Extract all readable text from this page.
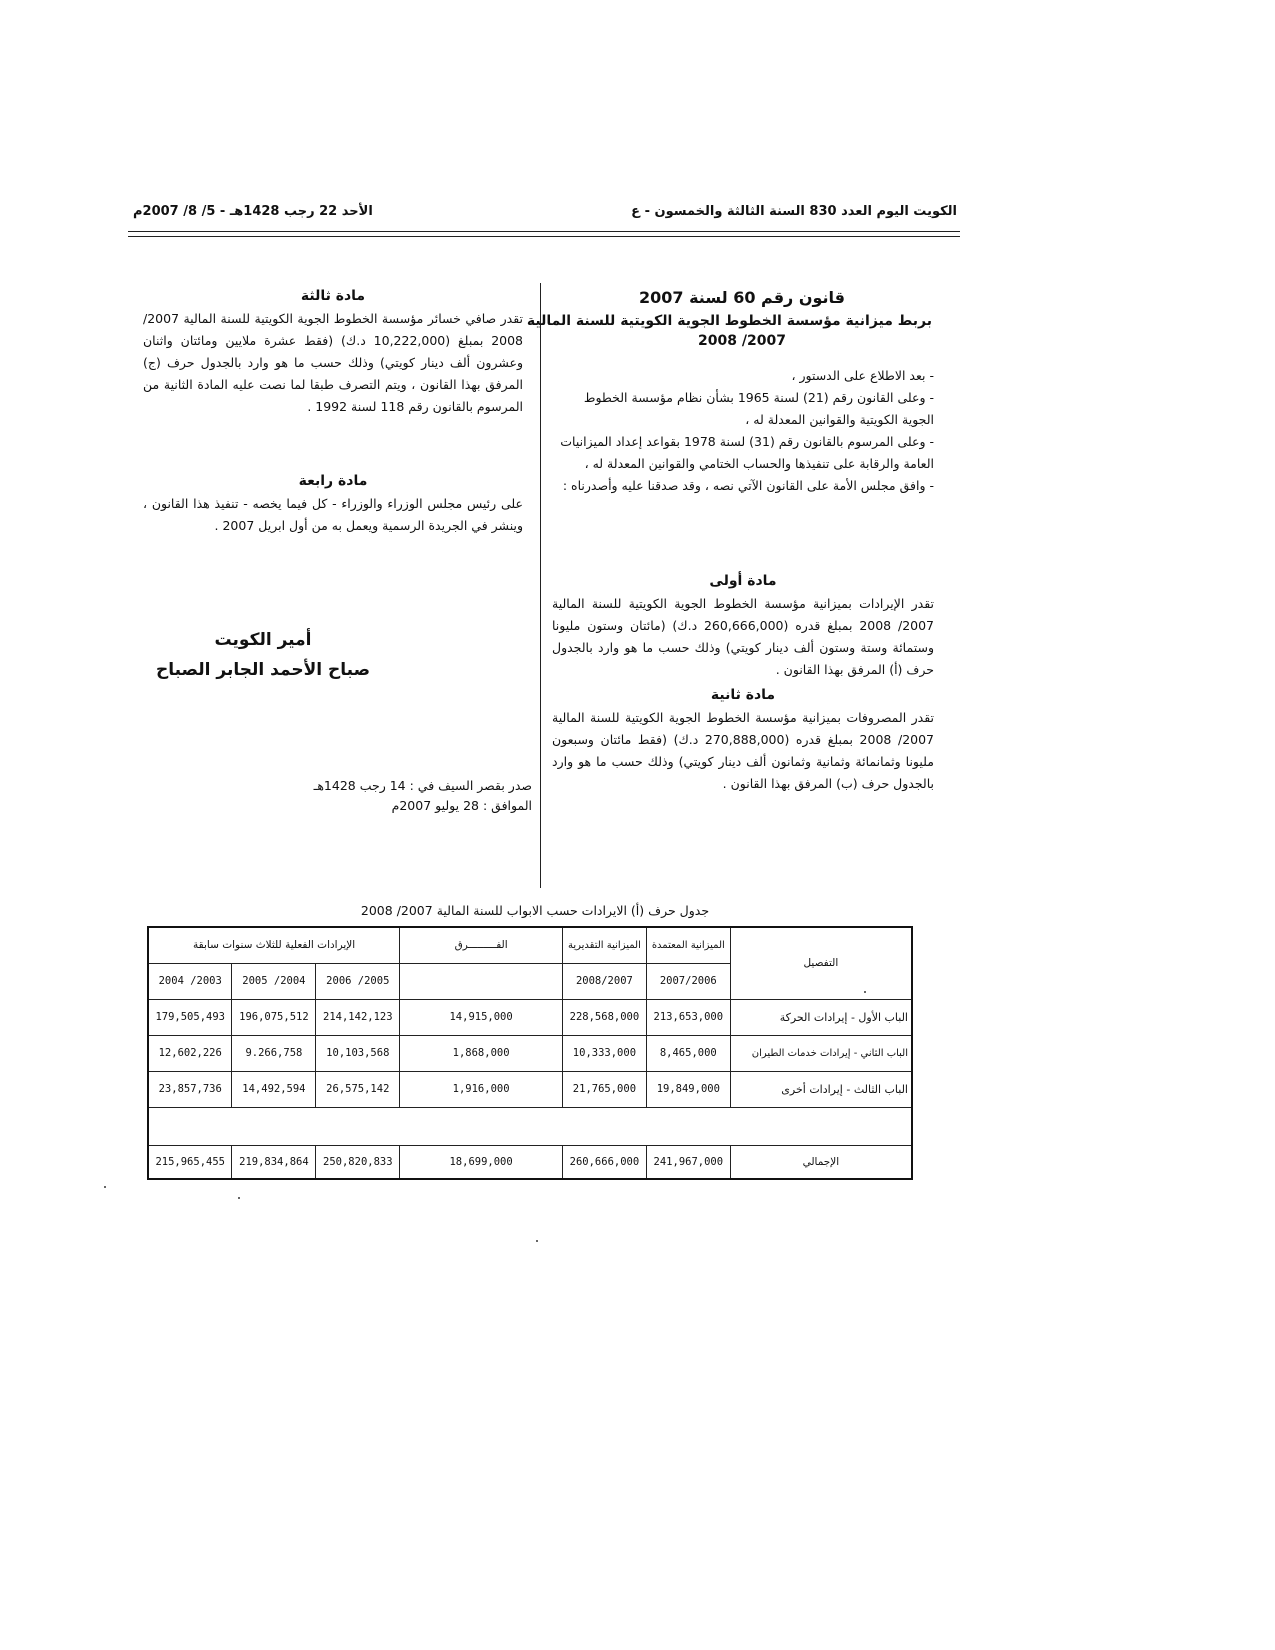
الكويت اليوم العدد 830 السنة الثالثة والخمسون - ع
الأحد 22 رجب 1428هـ - 5/ 8/ 2007م
قانون رقم 60 لسنة 2007
بربط ميزانية مؤسسة الخطوط الجوية الكويتية للسنة المالية
2008 /2007
- بعد الاطلاع على الدستور ،
- وعلى القانون رقم (21) لسنة 1965 بشأن نظام مؤسسة الخطوط الجوية الكويتية والقوانين المعدلة له ،
- وعلى المرسوم بالقانون رقم (31) لسنة 1978 بقواعد إعداد الميزانيات العامة والرقابة على تنفيذها والحساب الختامي والقوانين المعدلة له ،
- وافق مجلس الأمة على القانون الآتي نصه ، وقد صدقنا عليه وأصدرناه :
مادة أولى
تقدر الإيرادات بميزانية مؤسسة الخطوط الجوية الكويتية للسنة المالية 2007/ 2008 بمبلغ قدره (260,666,000 د.ك) (مائتان وستون مليونا وستمائة وستة وستون ألف دينار كويتي) وذلك حسب ما هو وارد بالجدول حرف (أ) المرفق بهذا القانون .
مادة ثانية
تقدر المصروفات بميزانية مؤسسة الخطوط الجوية الكويتية للسنة المالية 2007/ 2008 بمبلغ قدره (270,888,000 د.ك) (فقط مائتان وسبعون مليونا وثمانمائة وثمانية وثمانون ألف دينار كويتي) وذلك حسب ما هو وارد بالجدول حرف (ب) المرفق بهذا القانون .
مادة ثالثة
تقدر صافي خسائر مؤسسة الخطوط الجوية الكويتية للسنة المالية 2007/ 2008 بمبلغ (10,222,000 د.ك) (فقط عشرة ملايين ومائتان واثنان وعشرون ألف دينار كويتي) وذلك حسب ما هو وارد بالجدول حرف (ج) المرفق بهذا القانون ، ويتم التصرف طبقا لما نصت عليه المادة الثانية من المرسوم بالقانون رقم 118 لسنة 1992 .
مادة رابعة
على رئيس مجلس الوزراء والوزراء - كل فيما يخصه - تنفيذ هذا القانون ، وينشر في الجريدة الرسمية ويعمل به من أول ابريل 2007 .
أمير الكويت
صباح الأحمد الجابر الصباح
صدر بقصر السيف في : 14 رجب 1428هـ
الموافق : 28 يوليو 2007م
جدول حرف (أ) الايرادات حسب الابواب للسنة المالية 2007/ 2008
التفصيل	الميزانية المعتمدة	الميزانية التقديرية	الفـــــــــرق	الإيرادات الفعلية للثلاث سنوات سابقة		
	2007/2006	2008/2007		2006 /2005	2005 /2004	2004 /2003
الباب الأول - إيرادات الحركة	213,653,000	228,568,000	14,915,000	214,142,123	196,075,512	179,505,493
الباب الثاني - إيرادات خدمات الطيران	8,465,000	10,333,000	1,868,000	10,103,568	9.266,758	12,602,226
الباب الثالث - إيرادات أخرى	19,849,000	21,765,000	1,916,000	26,575,142	14,492,594	23,857,736

الإجمالي	241,967,000	260,666,000	18,699,000	250,820,833	219,834,864	215,965,455
